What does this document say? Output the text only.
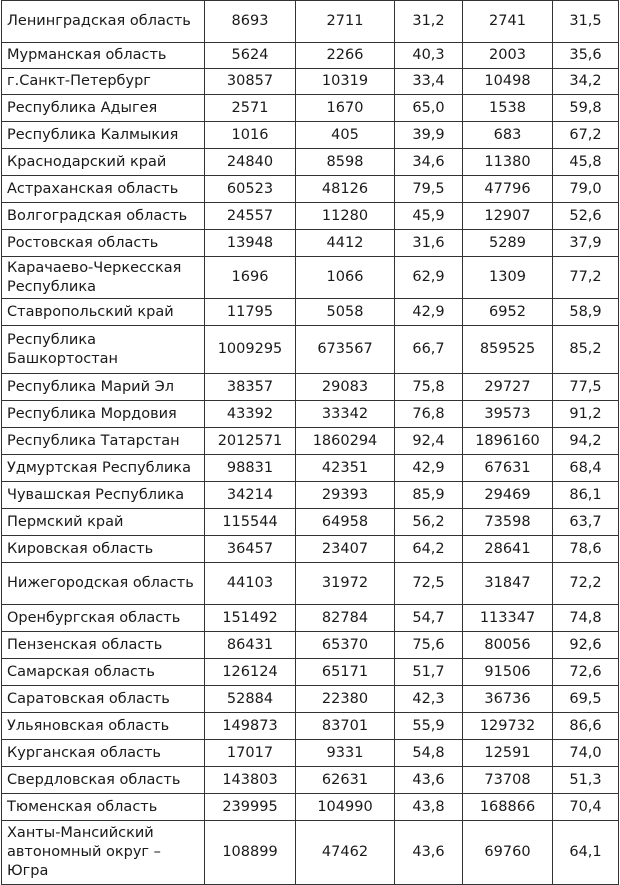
Ленинградская область	8693	2711	31,2	2741	31,5
Мурманская область	5624	2266	40,3	2003	35,6
г.Санкт-Петербург	30857	10319	33,4	10498	34,2
Республика Адыгея	2571	1670	65,0	1538	59,8
Республика Калмыкия	1016	405	39,9	683	67,2
Краснодарский край	24840	8598	34,6	11380	45,8
Астраханская область	60523	48126	79,5	47796	79,0
Волгоградская область	24557	11280	45,9	12907	52,6
Ростовская область	13948	4412	31,6	5289	37,9
Карачаево-Черкесская Республика	1696	1066	62,9	1309	77,2
Ставропольский край	11795	5058	42,9	6952	58,9
Республика Башкортостан	1009295	673567	66,7	859525	85,2
Республика Марий Эл	38357	29083	75,8	29727	77,5
Республика Мордовия	43392	33342	76,8	39573	91,2
Республика Татарстан	2012571	1860294	92,4	1896160	94,2
Удмуртская Республика	98831	42351	42,9	67631	68,4
Чувашская Республика	34214	29393	85,9	29469	86,1
Пермский край	115544	64958	56,2	73598	63,7
Кировская область	36457	23407	64,2	28641	78,6
Нижегородская область	44103	31972	72,5	31847	72,2
Оренбургская область	151492	82784	54,7	113347	74,8
Пензенская область	86431	65370	75,6	80056	92,6
Самарская область	126124	65171	51,7	91506	72,6
Саратовская область	52884	22380	42,3	36736	69,5
Ульяновская область	149873	83701	55,9	129732	86,6
Курганская область	17017	9331	54,8	12591	74,0
Свердловская область	143803	62631	43,6	73708	51,3
Тюменская область	239995	104990	43,8	168866	70,4
Ханты-Мансийский автономный округ – Югра	108899	47462	43,6	69760	64,1
